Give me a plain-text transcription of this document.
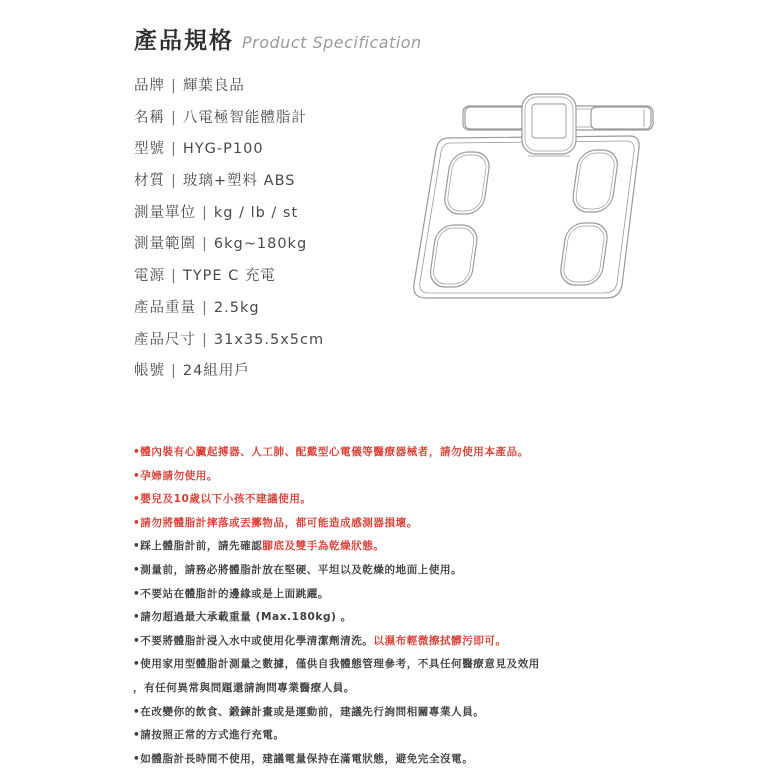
產品規格 Product Specification
品牌 | 輝葉良品
名稱 | 八電極智能體脂計
型號 | HYG-P100
材質 | 玻璃+塑料 ABS
測量單位 | kg / lb / st
測量範圍 | 6kg~180kg
電源 | TYPE C 充電
產品重量 | 2.5kg
產品尺寸 | 31x35.5x5cm
帳號 | 24組用戶
•體內裝有心臟起搏器、人工肺、配戴型心電儀等醫療器械者，請勿使用本產品。
•孕婦請勿使用。
•嬰兒及10歲以下小孩不建議使用。
•請勿將體脂計摔落或丟擲物品，都可能造成感測器損壞。
•踩上體脂計前，請先確認腳底及雙手為乾燥狀態。
•測量前，請務必將體脂計放在堅硬、平坦以及乾燥的地面上使用。
•不要站在體脂計的邊緣或是上面跳躍。
•請勿超過最大承載重量 (Max.180kg) 。
•不要將體脂計浸入水中或使用化學清潔劑清洗。以濕布輕微擦拭髒污即可。
•使用家用型體脂計測量之數據，僅供自我體態管理參考，不具任何醫療意見及效用
，有任何異常與問題還請詢問專業醫療人員。
•在改變你的飲食、鍛鍊計畫或是運動前，建議先行詢問相關專業人員。
•請按照正常的方式進行充電。
•如體脂計長時間不使用，建議電量保持在滿電狀態，避免完全沒電。
